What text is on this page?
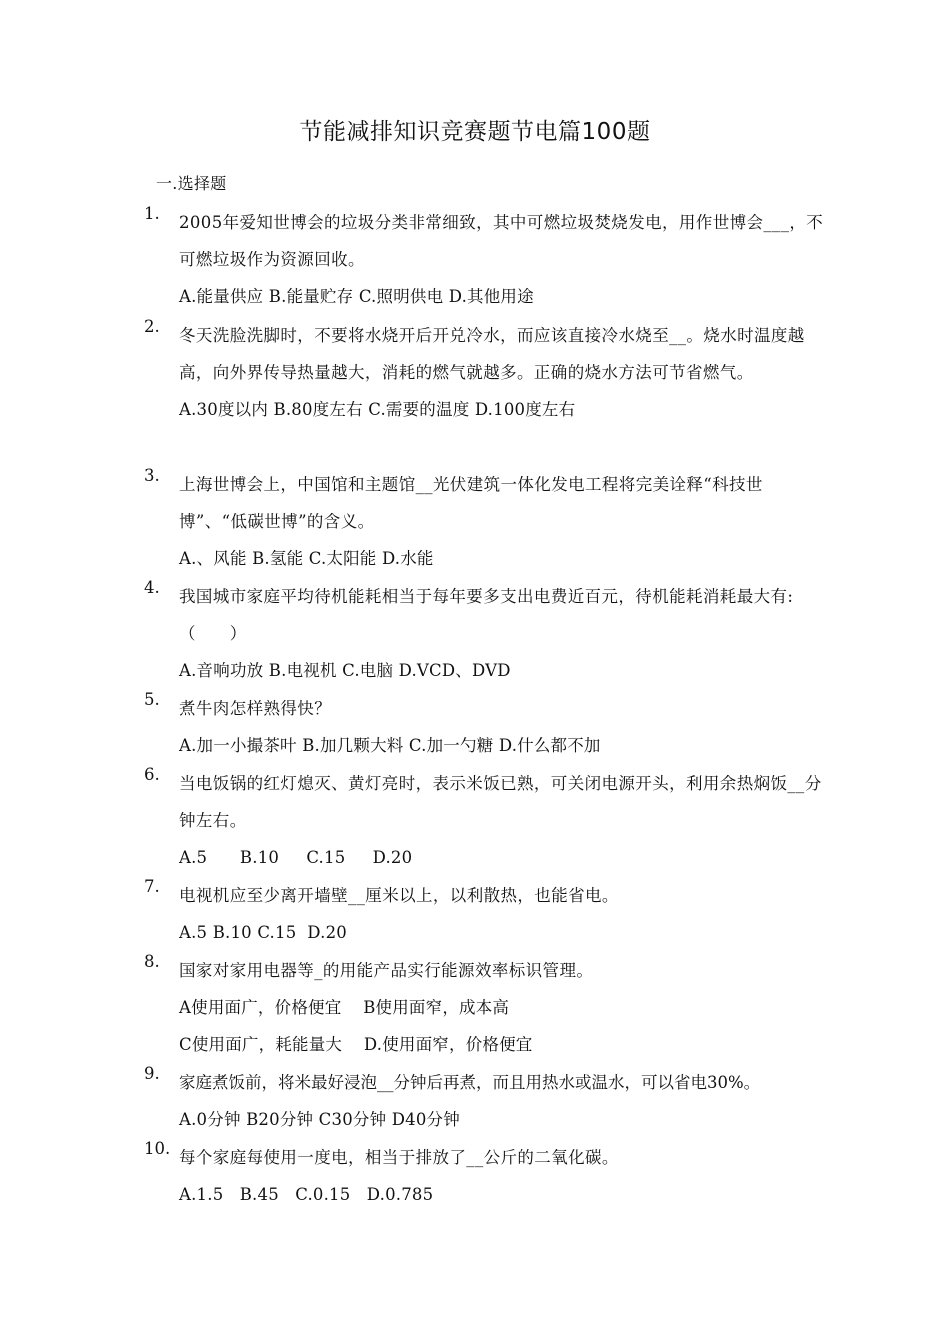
节能减排知识竞赛题节电篇100题
一.选择题
1.	2005年爱知世博会的垃圾分类非常细致，其中可燃垃圾焚烧发电，用作世博会___，不可燃垃圾作为资源回收。
A.能量供应 B.能量贮存 C.照明供电 D.其他用途
2.	冬天洗脸洗脚时，不要将水烧开后开兑冷水，而应该直接冷水烧至__。烧水时温度越高，向外界传导热量越大，消耗的燃气就越多。正确的烧水方法可节省燃气。
A.30度以内 B.80度左右 C.需要的温度 D.100度左右
3.	上海世博会上，中国馆和主题馆__光伏建筑一体化发电工程将完美诠释“科技世博”、“低碳世博”的含义。
A.、风能 B.氢能 C.太阳能 D.水能
4.	我国城市家庭平均待机能耗相当于每年要多支出电费近百元，待机能耗消耗最大有:（　　）
A.音响功放 B.电视机 C.电脑 D.VCD、DVD
5.	煮牛肉怎样熟得快？
A.加一小撮茶叶 B.加几颗大料 C.加一勺糖 D.什么都不加
6.	当电饭锅的红灯熄灭、黄灯亮时，表示米饭已熟，可关闭电源开头，利用余热焖饭__分钟左右。
A.5      B.10     C.15     D.20
7.	电视机应至少离开墙壁__厘米以上，以利散热，也能省电。
A.5 B.10 C.15  D.20
8.	国家对家用电器等_的用能产品实行能源效率标识管理。
A使用面广，价格便宜    B使用面窄，成本高
C使用面广，耗能量大    D.使用面窄，价格便宜
9.	家庭煮饭前，将米最好浸泡__分钟后再煮，而且用热水或温水，可以省电30%。
A.0分钟 B20分钟 C30分钟 D40分钟
10. 每个家庭每使用一度电，相当于排放了__公斤的二氧化碳。
A.1.5   B.45   C.0.15   D.0.785
